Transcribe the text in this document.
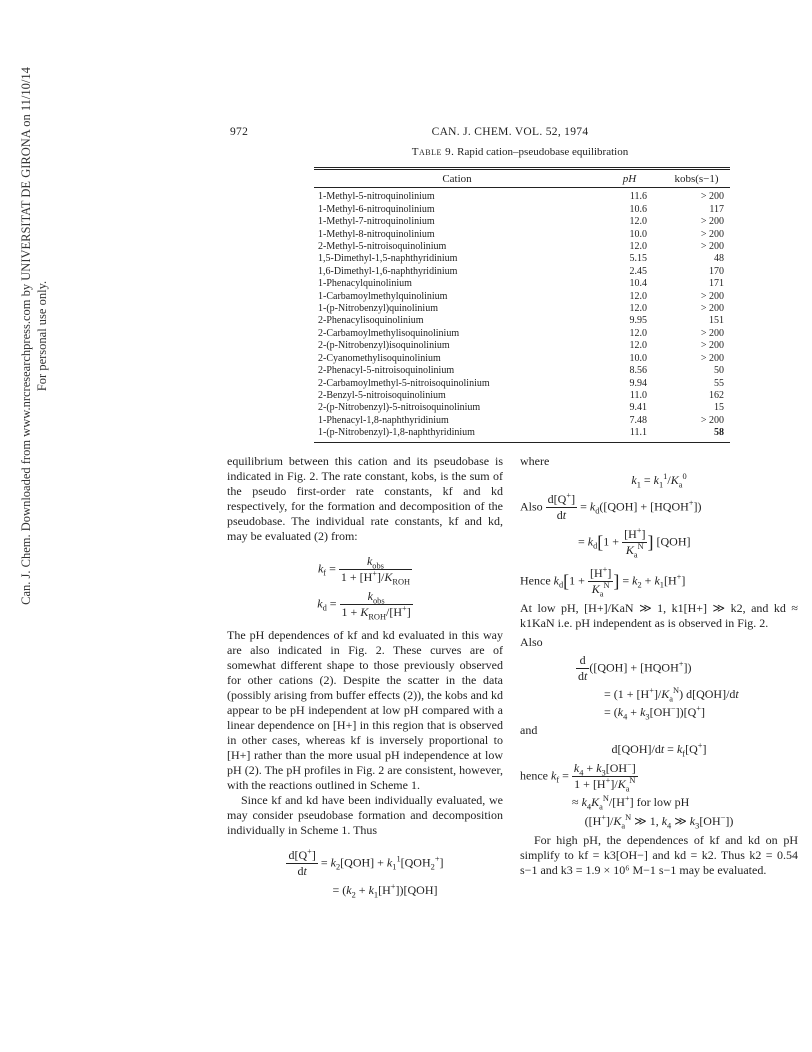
Can. J. Chem. Downloaded from www.nrcresearchpress.com by UNIVERSITAT DE GIRONA on 11/10/14 For personal use only.
972	CAN. J. CHEM. VOL. 52, 1974
Table 9. Rapid cation–pseudobase equilibration
Cation	pH	kobs(s−1)
1-Methyl-5-nitroquinolinium	11.6	> 200
1-Methyl-6-nitroquinolinium	10.6	117
1-Methyl-7-nitroquinolinium	12.0	> 200
1-Methyl-8-nitroquinolinium	10.0	> 200
2-Methyl-5-nitroisoquinolinium	12.0	> 200
1,5-Dimethyl-1,5-naphthyridinium	5.15	48
1,6-Dimethyl-1,6-naphthyridinium	2.45	170
1-Phenacylquinolinium	10.4	171
1-Carbamoylmethylquinolinium	12.0	> 200
1-(p-Nitrobenzyl)quinolinium	12.0	> 200
2-Phenacylisoquinolinium	9.95	151
2-Carbamoylmethylisoquinolinium	12.0	> 200
2-(p-Nitrobenzyl)isoquinolinium	12.0	> 200
2-Cyanomethylisoquinolinium	10.0	> 200
2-Phenacyl-5-nitroisoquinolinium	8.56	50
2-Carbamoylmethyl-5-nitroisoquinolinium	9.94	55
2-Benzyl-5-nitroisoquinolinium	11.0	162
2-(p-Nitrobenzyl)-5-nitroisoquinolinium	9.41	15
1-Phenacyl-1,8-naphthyridinium	7.48	> 200
1-(p-Nitrobenzyl)-1,8-naphthyridinium	11.1	58

equilibrium between this cation and its pseudobase is indicated in Fig. 2. The rate constant, kobs, is the sum of the pseudo first-order rate constants, kf and kd respectively, for the formation and decomposition of the pseudobase. The individual rate constants, kf and kd, may be evaluated (2) from:

$k_f = \frac{k_{obs}}{1 + [H^+]/K_{ROH}}$
$k_d = \frac{k_{obs}}{1 + K_{ROH}/[H^+]}$

The pH dependences of kf and kd evaluated in this way are also indicated in Fig. 2. These curves are of somewhat different shape to those previously observed for other cations (2). Despite the scatter in the data (possibly arising from buffer effects (2)), the kobs and kd appear to be pH independent at low pH compared with a linear dependence on [H+] in this region that is observed in other cases, whereas kf is inversely proportional to [H+] rather than the more usual pH independence at low pH (2). The pH profiles in Fig. 2 are consistent, however, with the reactions outlined in Scheme 1.

Since kf and kd have been individually evaluated, we may consider pseudobase formation and decomposition individually in Scheme 1. Thus

$\frac{d[Q^+]}{dt} = k_2[QOH] + k_1^1[QOH_2^+]$
= $(k_2 + k_1[H^+])[QOH]$

where

$k_1 = k_1^1/K_a^0$
Also $\frac{d[Q^+]}{dt} = k_d([QOH]$ + [HQOH+])
= $k_d[1 + \frac{[H^+]}{K_a^N}$ ] [QOH]
Hence $k_d[1 + \frac{[H^+]}{K_a^N}$ ] = $k_2 + k_1[H^+]$

At low pH, [H+]/KaN ≫ 1, k1[H+] ≫ k2, and kd ≈ k1KaN i.e. pH independent as is observed in Fig. 2.

Also

$\frac{d}{dt} ([QOH]$ + [HQOH+])
= $(1 + [H^+]/K_a^N)$ d[QOH]/dt
= $(k_4 + k_3[OH^-])[Q^+]$

and

$d[QOH]/dt = k_f[Q^+]$
hence $k_f = \frac{k_4 + k_3[OH^-]}{1 + [H^+]/K_a^N}$
≈ $k_4K_a^N/[H^+]$ for low pH
($[H^+]/K_a^N$ ≫ 1, $k_4$ ≫ $k_3[OH^-]$)

For high pH, the dependences of kf and kd on pH simplify to kf = k3[OH−] and kd = k2. Thus k2 = 0.54 s−1 and k3 = 1.9 × 10⁶ M−1 s−1 may be evaluated.
